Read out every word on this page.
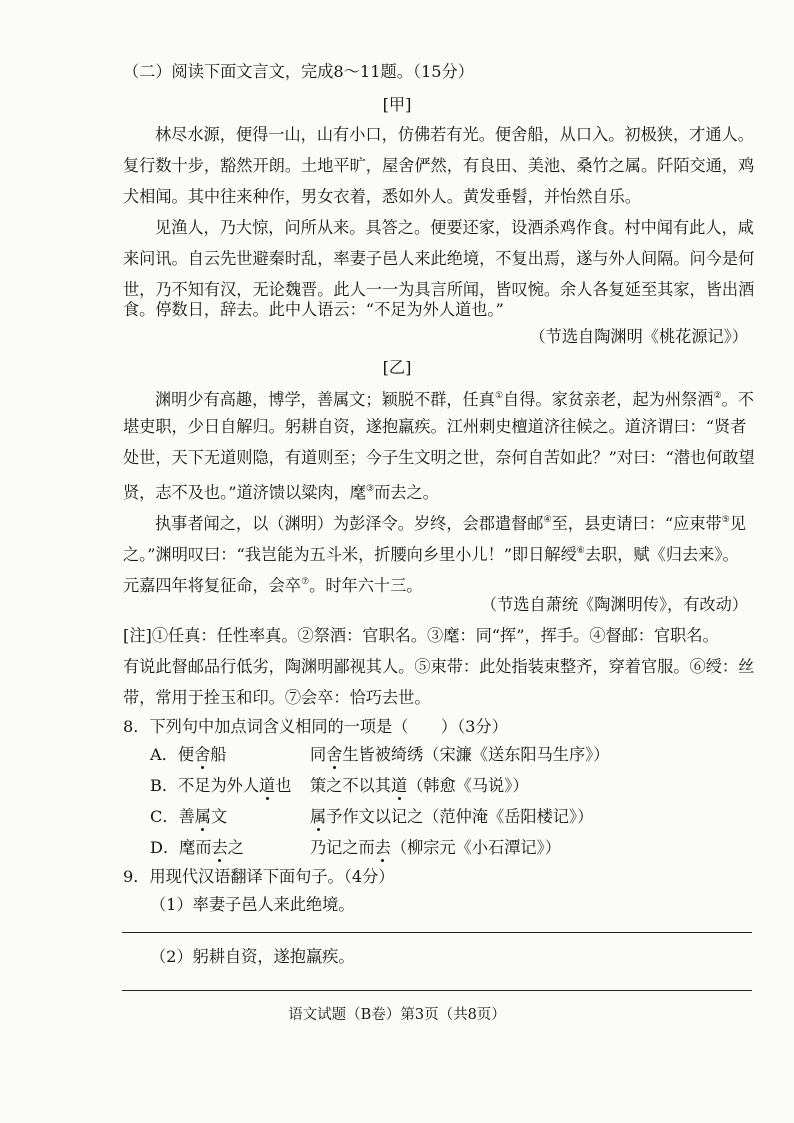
（二）阅读下面文言文，完成8～11题。（15分）
[甲]
林尽水源，便得一山，山有小口，仿佛若有光。便舍船，从口入。初极狭，才通人。
复行数十步，豁然开朗。土地平旷，屋舍俨然，有良田、美池、桑竹之属。阡陌交通，鸡
犬相闻。其中往来种作，男女衣着，悉如外人。黄发垂髫，并怡然自乐。
见渔人，乃大惊，问所从来。具答之。便要还家，设酒杀鸡作食。村中闻有此人，咸
来问讯。自云先世避秦时乱，率妻子邑人来此绝境，不复出焉，遂与外人间隔。问今是何
世，乃不知有汉，无论魏晋。此人一一为具言所闻，皆叹惋。余人各复延至其家，皆出酒
食。停数日，辞去。此中人语云：“不足为外人道也。”
（节选自陶渊明《桃花源记》）
[乙]
渊明少有高趣，博学，善属文；颖脱不群，任真①自得。家贫亲老，起为州祭酒②。不
堪吏职，少日自解归。躬耕自资，遂抱羸疾。江州刺史檀道济往候之。道济谓曰：“贤者
处世，天下无道则隐，有道则至；今子生文明之世，奈何自苦如此？”对曰：“潜也何敢望
贤，志不及也。”道济馈以粱肉，麾③而去之。
执事者闻之，以（渊明）为彭泽令。岁终，会郡遣督邮④至，县吏请曰：“应束带⑤见
之。”渊明叹曰：“我岂能为五斗米，折腰向乡里小儿！”即日解绶⑥去职，赋《归去来》。
元嘉四年将复征命，会卒⑦。时年六十三。
（节选自萧统《陶渊明传》，有改动）
[注]①任真：任性率真。②祭酒：官职名。③麾：同“挥”，挥手。④督邮：官职名。
有说此督邮品行低劣，陶渊明鄙视其人。⑤束带：此处指装束整齐，穿着官服。⑥绶：丝
带，常用于拴玉和印。⑦会卒：恰巧去世。
8．下列句中加点词含义相同的一项是（　　）（3分）
A．便舍船	同舍生皆被绮绣（宋濂《送东阳马生序》）
B．不足为外人道也 策之不以其道（韩愈《马说》）
C．善属文	属予作文以记之（范仲淹《岳阳楼记》）
D．麾而去之	乃记之而去（柳宗元《小石潭记》）
9．用现代汉语翻译下面句子。（4分）
（1）率妻子邑人来此绝境。
（2）躬耕自资，遂抱羸疾。
语文试题（B卷）第3页（共8页）
